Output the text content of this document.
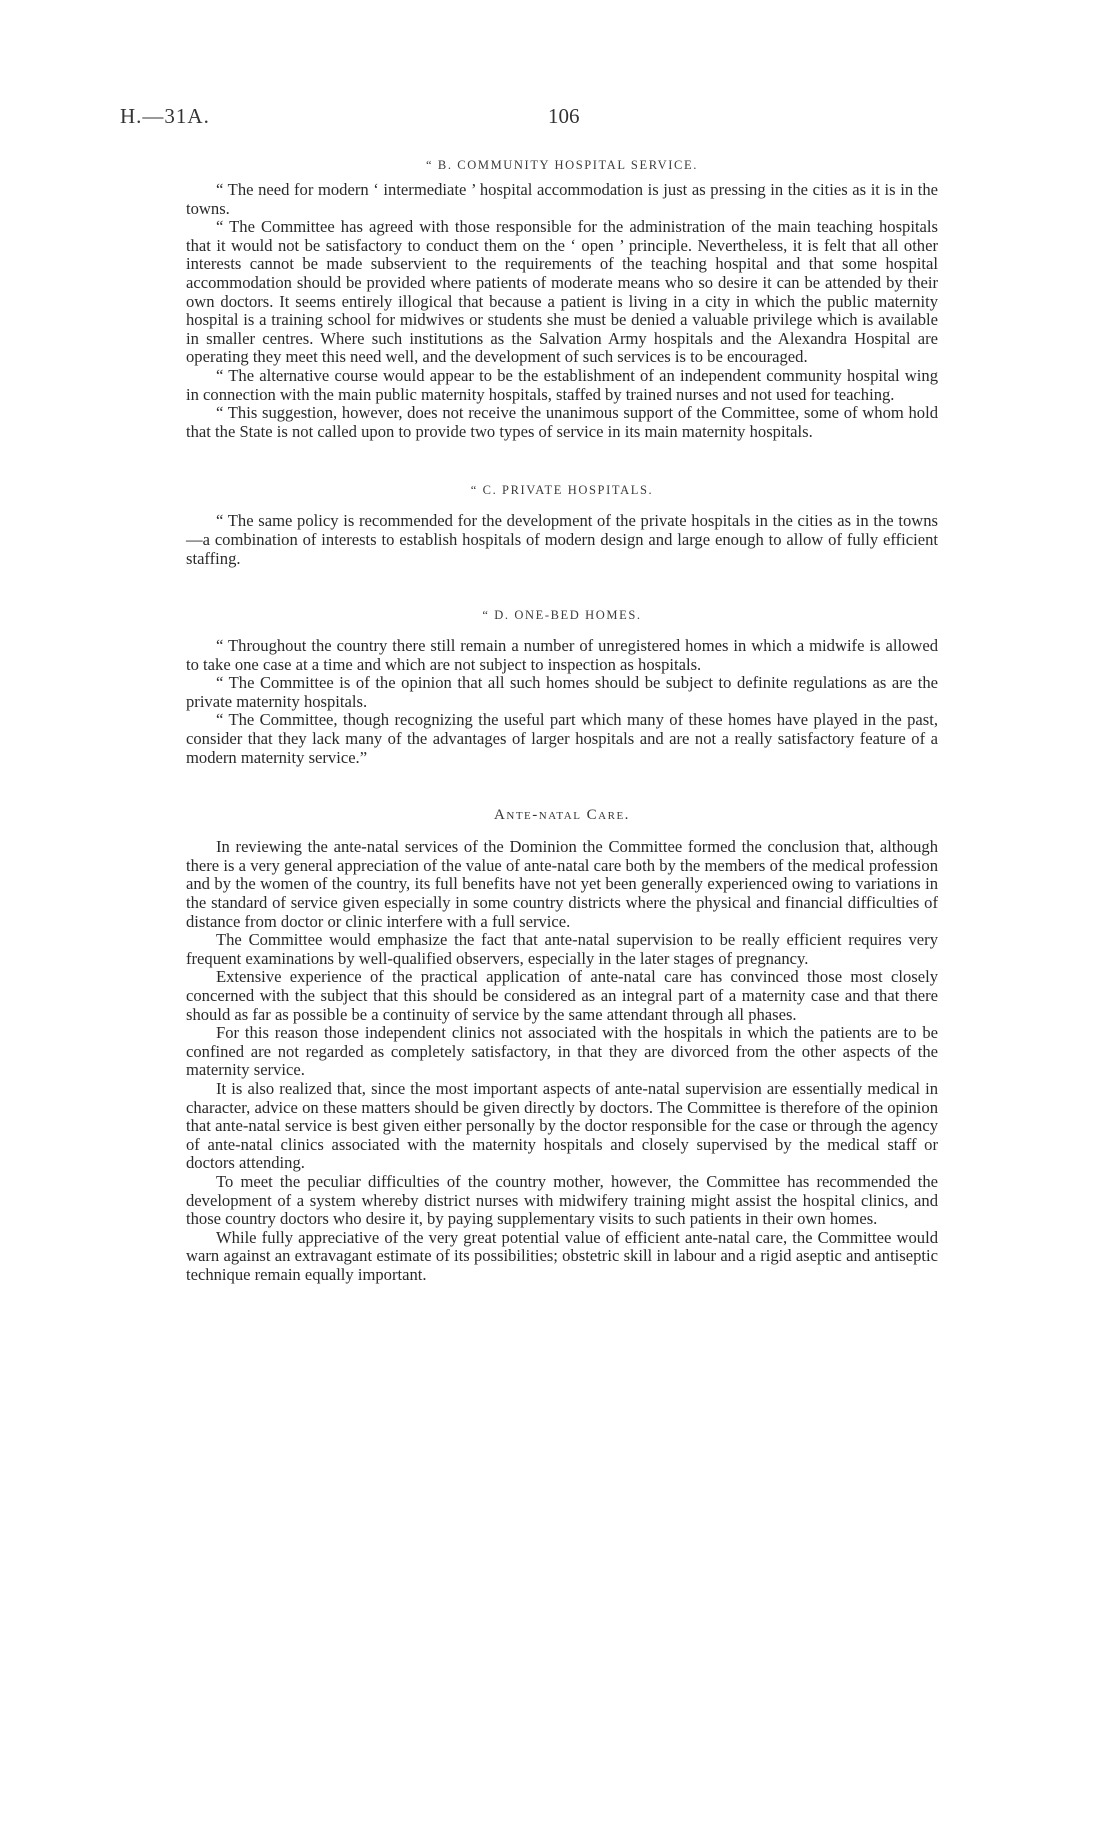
H.—31A.	106

“ B. COMMUNITY HOSPITAL SERVICE.

“ The need for modern ‘ intermediate ’ hospital accommodation is just as pressing in the cities as it is in the towns.

“ The Committee has agreed with those responsible for the administration of the main teaching hospitals that it would not be satisfactory to conduct them on the ‘ open ’ principle. Nevertheless, it is felt that all other interests cannot be made subservient to the requirements of the teaching hospital and that some hospital accommodation should be provided where patients of moderate means who so desire it can be attended by their own doctors. It seems entirely illogical that because a patient is living in a city in which the public maternity hospital is a training school for midwives or students she must be denied a valuable privilege which is available in smaller centres. Where such institutions as the Salvation Army hospitals and the Alexandra Hospital are operating they meet this need well, and the development of such services is to be encouraged.

“ The alternative course would appear to be the establishment of an independent community hospital wing in connection with the main public maternity hospitals, staffed by trained nurses and not used for teaching.

“ This suggestion, however, does not receive the unanimous support of the Committee, some of whom hold that the State is not called upon to provide two types of service in its main maternity hospitals.

“ C. PRIVATE HOSPITALS.

“ The same policy is recommended for the development of the private hospitals in the cities as in the towns—a combination of interests to establish hospitals of modern design and large enough to allow of fully efficient staffing.

“ D. ONE-BED HOMES.

“ Throughout the country there still remain a number of unregistered homes in which a midwife is allowed to take one case at a time and which are not subject to inspection as hospitals.

“ The Committee is of the opinion that all such homes should be subject to definite regulations as are the private maternity hospitals.

“ The Committee, though recognizing the useful part which many of these homes have played in the past, consider that they lack many of the advantages of larger hospitals and are not a really satisfactory feature of a modern maternity service.”

Ante-natal Care.

In reviewing the ante-natal services of the Dominion the Committee formed the conclusion that, although there is a very general appreciation of the value of ante-natal care both by the members of the medical profession and by the women of the country, its full benefits have not yet been generally experienced owing to variations in the standard of service given especially in some country districts where the physical and financial difficulties of distance from doctor or clinic interfere with a full service.

The Committee would emphasize the fact that ante-natal supervision to be really efficient requires very frequent examinations by well-qualified observers, especially in the later stages of pregnancy.

Extensive experience of the practical application of ante-natal care has convinced those most closely concerned with the subject that this should be considered as an integral part of a maternity case and that there should as far as possible be a continuity of service by the same attendant through all phases.

For this reason those independent clinics not associated with the hospitals in which the patients are to be confined are not regarded as completely satisfactory, in that they are divorced from the other aspects of the maternity service.

It is also realized that, since the most important aspects of ante-natal supervision are essentially medical in character, advice on these matters should be given directly by doctors. The Committee is therefore of the opinion that ante-natal service is best given either personally by the doctor responsible for the case or through the agency of ante-natal clinics associated with the maternity hospitals and closely supervised by the medical staff or doctors attending.

To meet the peculiar difficulties of the country mother, however, the Committee has recommended the development of a system whereby district nurses with midwifery training might assist the hospital clinics, and those country doctors who desire it, by paying supplementary visits to such patients in their own homes.

While fully appreciative of the very great potential value of efficient ante-natal care, the Committee would warn against an extravagant estimate of its possibilities; obstetric skill in labour and a rigid aseptic and antiseptic technique remain equally important.
